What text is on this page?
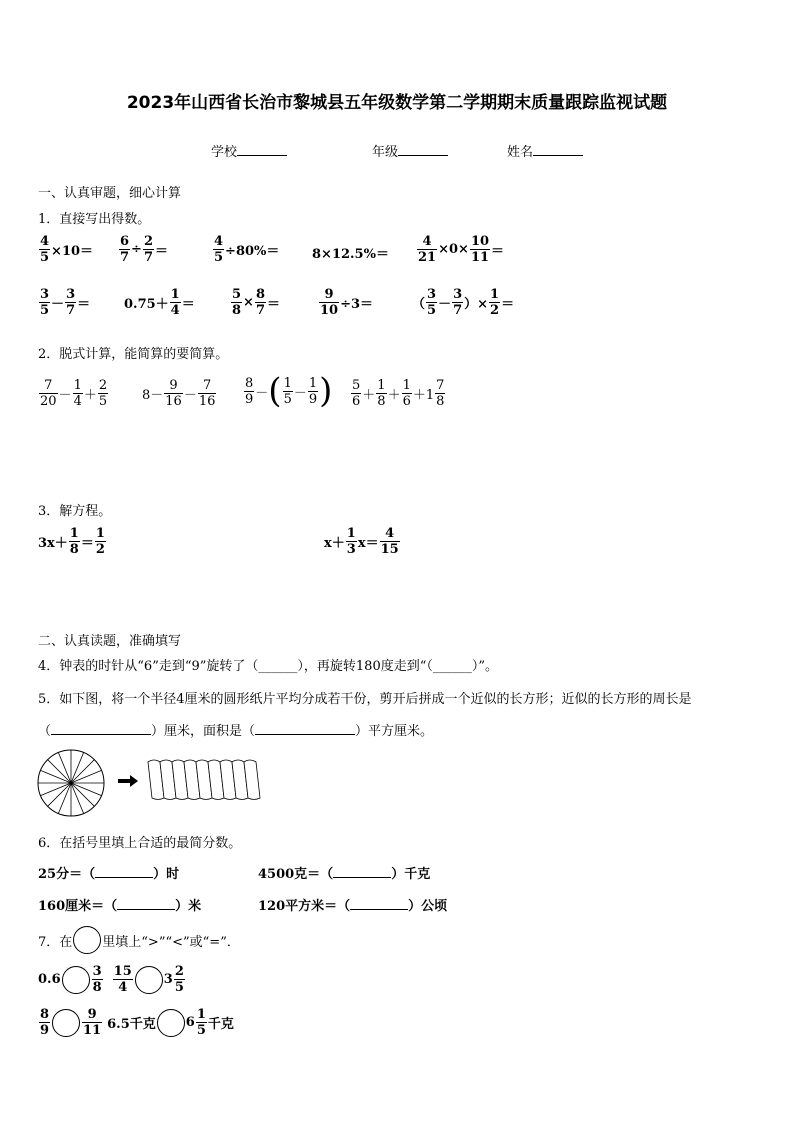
2023年山西省长治市黎城县五年级数学第二学期期末质量跟踪监视试题
学校	年级	姓名
一、认真审题，细心计算
1．直接写出得数。
$\frac{4}{5} \times 10= \frac{6}{7} \div \frac{2}{7}$ ＝	$\frac{4}{5} \div 80\%=$	$8\times 12.5\%= \frac{4}{21} \times 0\times \frac{10}{11}$ ＝
$\frac{3}{5} - \frac{3}{7}$ ＝	$0.75+ \frac{1}{4}$ ＝	$\frac{5}{8} \times \frac{8}{7}$ ＝	$\frac{9}{10} \div 3=$	（ $\frac{3}{5} - \frac{3}{7}$ ）× $\frac{1}{2}$ ＝
2．脱式计算，能简算的要简算。
$\frac{7}{20} - \frac{1}{4} + \frac{2}{5}$	$8- \frac{9}{16} - \frac{7}{16} \frac{8}{9}$ － ( $\frac{1}{5} - \frac{1}{9}$ ) $\frac{5}{6} + \frac{1}{8} + \frac{1}{6} +1 \frac{7}{8}$
3．解方程。
$3x+ \frac{1}{8} = \frac{1}{2}$	$x+ \frac{1}{3} x= \frac{4}{15}$
二、认真读题，准确填写
4．钟表的时针从“6”走到“9”旋转了（______），再旋转180度走到“（______）”。
5．如下图，将一个半径4厘米的圆形纸片平均分成若干份，剪开后拼成一个近似的长方形；近似的长方形的周长是
（	）厘米，面积是（	）平方厘米。
6．在括号里填上合适的最简分数。
25分＝（	）时	4500克＝（	）千克
160厘米＝（	）米	120平方米＝（	）公顷
7．在 里填上“>”“<”或“=”．
$0.6 \frac{3}{8} \frac{15}{4} 3 \frac{2}{5}$
$\frac{8}{9} \frac{9}{11} 6.5$千克 $6 \frac{1}{5}$ 千克
